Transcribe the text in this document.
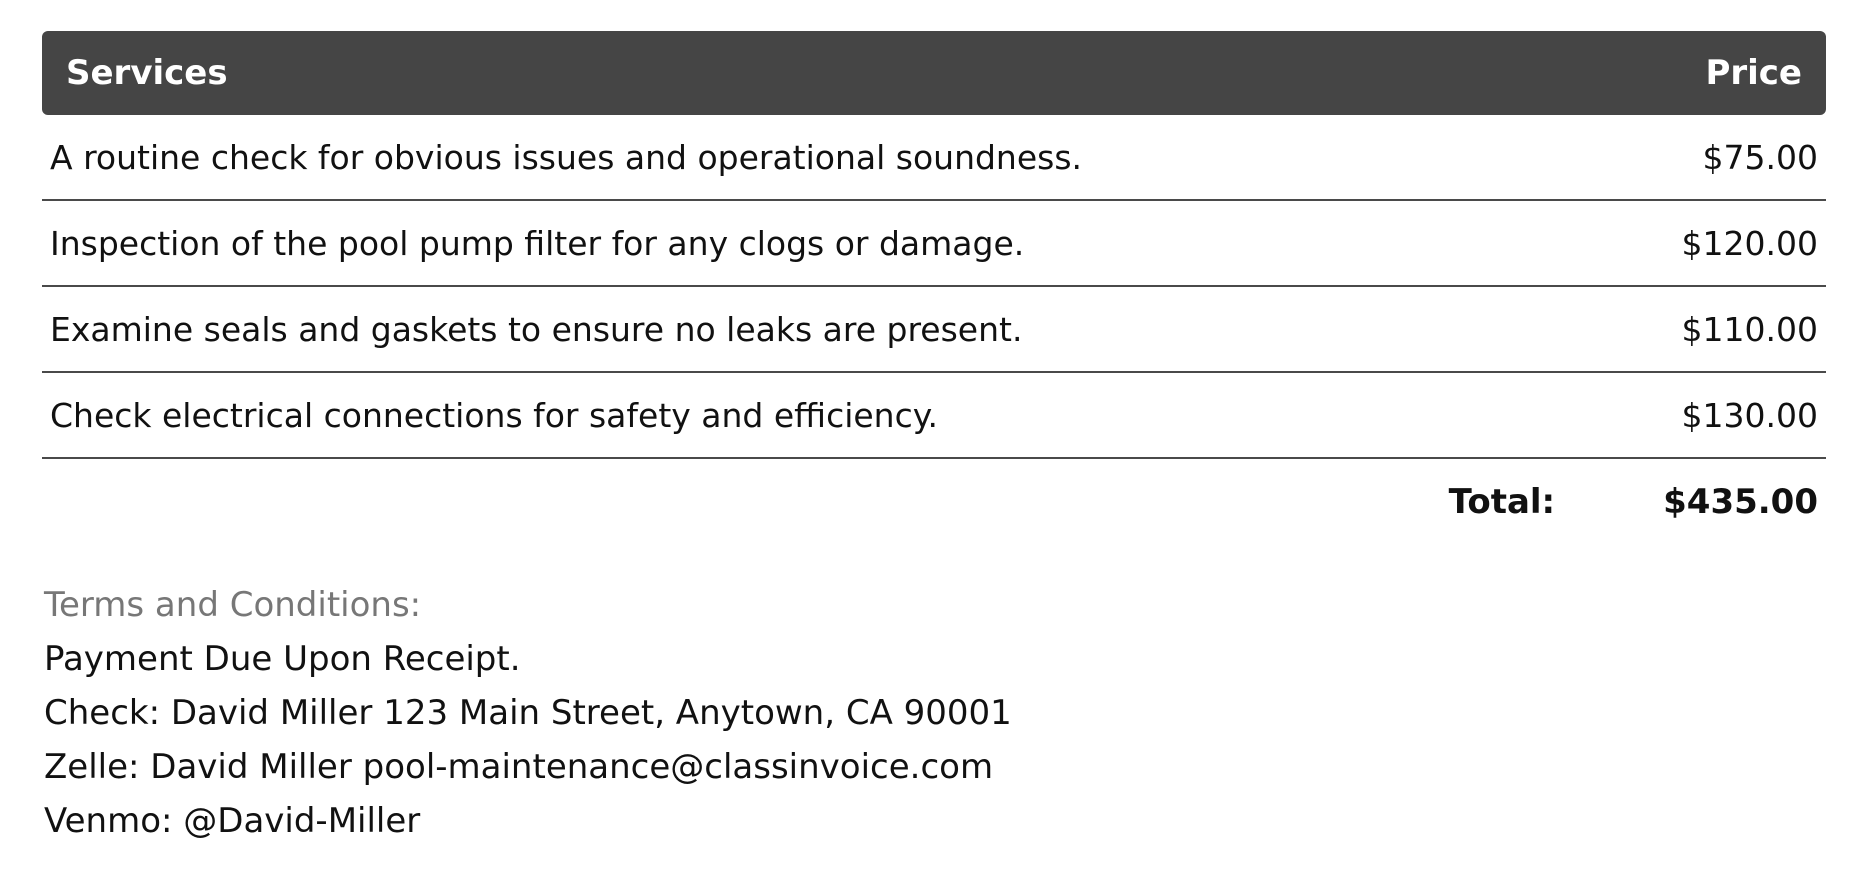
Services	Price
A routine check for obvious issues and operational soundness.	$75.00
Inspection of the pool pump filter for any clogs or damage.	$120.00
Examine seals and gaskets to ensure no leaks are present.	$110.00
Check electrical connections for safety and efficiency.	$130.00
Total:	$435.00
Terms and Conditions:
Payment Due Upon Receipt.
Check: David Miller 123 Main Street, Anytown, CA 90001
Zelle: David Miller pool-maintenance@classinvoice.com
Venmo: @David-Miller
